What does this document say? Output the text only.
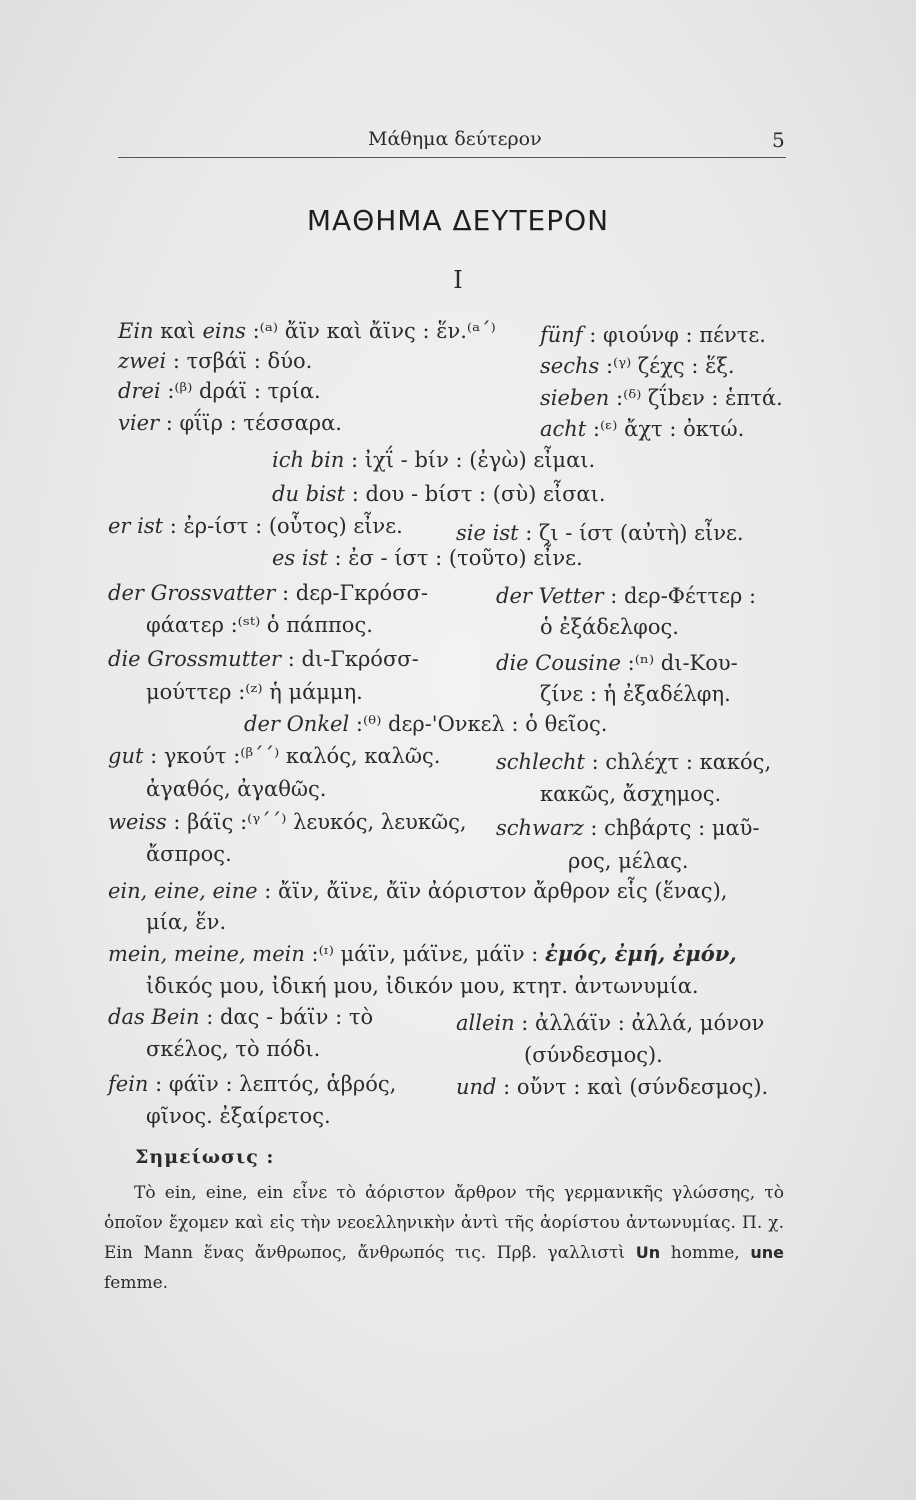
Μάθημα δεύτερον	5
ΜΑΘΗΜΑ ΔΕΥΤΕΡΟΝ
I
Ein καὶ eins :⁽ᵃ⁾ ἄϊν καὶ ἄϊνς : ἕν.⁽ᵃ΄⁾ fünf : φιούνφ : πέντε.
zwei : τσβάϊ : δύο.	sechs :⁽ᵞ⁾ ζέχς : ἕξ.
drei :⁽ᵝ⁾ dράϊ : τρία.	sieben :⁽ᵟ⁾ ζΐbεν : ἑπτά.
vier : φΐϊρ : τέσσαρα.	acht :⁽ᵋ⁾ ἄχτ : ὀκτώ.
ich bin : ἰχΐ - bίν : (ἐγὼ) εἶμαι.
du bist : dου - bίστ : (σὺ) εἶσαι.
er ist : ἐρ-ίστ : (οὗτος) εἶνε.	sie ist : ζι - ίστ (αὐτὴ) εἶνε.
es ist : ἐσ - ίστ : (τοῦτο) εἶνε.
der Grossvatter : dερ-Γκρόσσ-
φάατερ :⁽ˢᵗ⁾ ὁ πάππος.
der Vetter : dερ-Φέττερ :
ὁ ἐξάδελφος.
die Grossmutter : dι-Γκρόσσ-
μούττερ :⁽ᶻ⁾ ἡ μάμμη.
die Cousine :⁽ⁿ⁾ dι-Κου-
ζίνε : ἡ ἐξαδέλφη.
der Onkel :⁽ᶿ⁾ dερ-'Ονκελ : ὁ θεῖος.
gut : γκούτ :⁽ᵝ΄΄⁾ καλός, καλῶς.
ἀγαθός, ἀγαθῶς.
schlecht : chλέχτ : κακός,
κακῶς, ἄσχημος.
weiss : βάϊς :⁽ᵞ΄΄⁾ λευκός, λευκῶς,
ἄσπρος.
schwarz : chβάρτς : μαῦ-
ρος, μέλας.
ein, eine, eine : ἄϊν, ἄϊνε, ἄϊν ἀόριστον ἄρθρον εἷς (ἕνας),
μία, ἕν.
mein, meine, mein :⁽ᶦ⁾ μάϊν, μάϊνε, μάϊν : ἐμός, ἐμή, ἐμόν,
ἰδικός μου, ἰδική μου, ἰδικόν μου, κτηт. ἀντωνυμία.
das Bein : dας - bάϊν : τὸ
σκέλος, τὸ πόδι.
allein : ἀλλάϊν : ἀλλά, μόνον
(σύνδεσμος).
fein : φάϊν : λεπτός, ἁβρός,
φῖνος. ἐξαίρετος.
und : οὔντ : καὶ (σύνδεσμος).
Σημείωσις :

Τὸ ein, eine, ein εἶνε τὸ ἀόριστον ἄρθρον τῆς γερμανικῆς γλώσσης, τὸ ὁποῖον ἔχομεν καὶ εἰς τὴν νεοελληνικὴν ἀντὶ τῆς ἀορίστου ἀντωνυμίας. Π. χ. Ein Mann ἕνας ἄνθρωπος, ἄνθρωπός τις. Πρβ. γαλλιστὶ Un homme, une femme.
